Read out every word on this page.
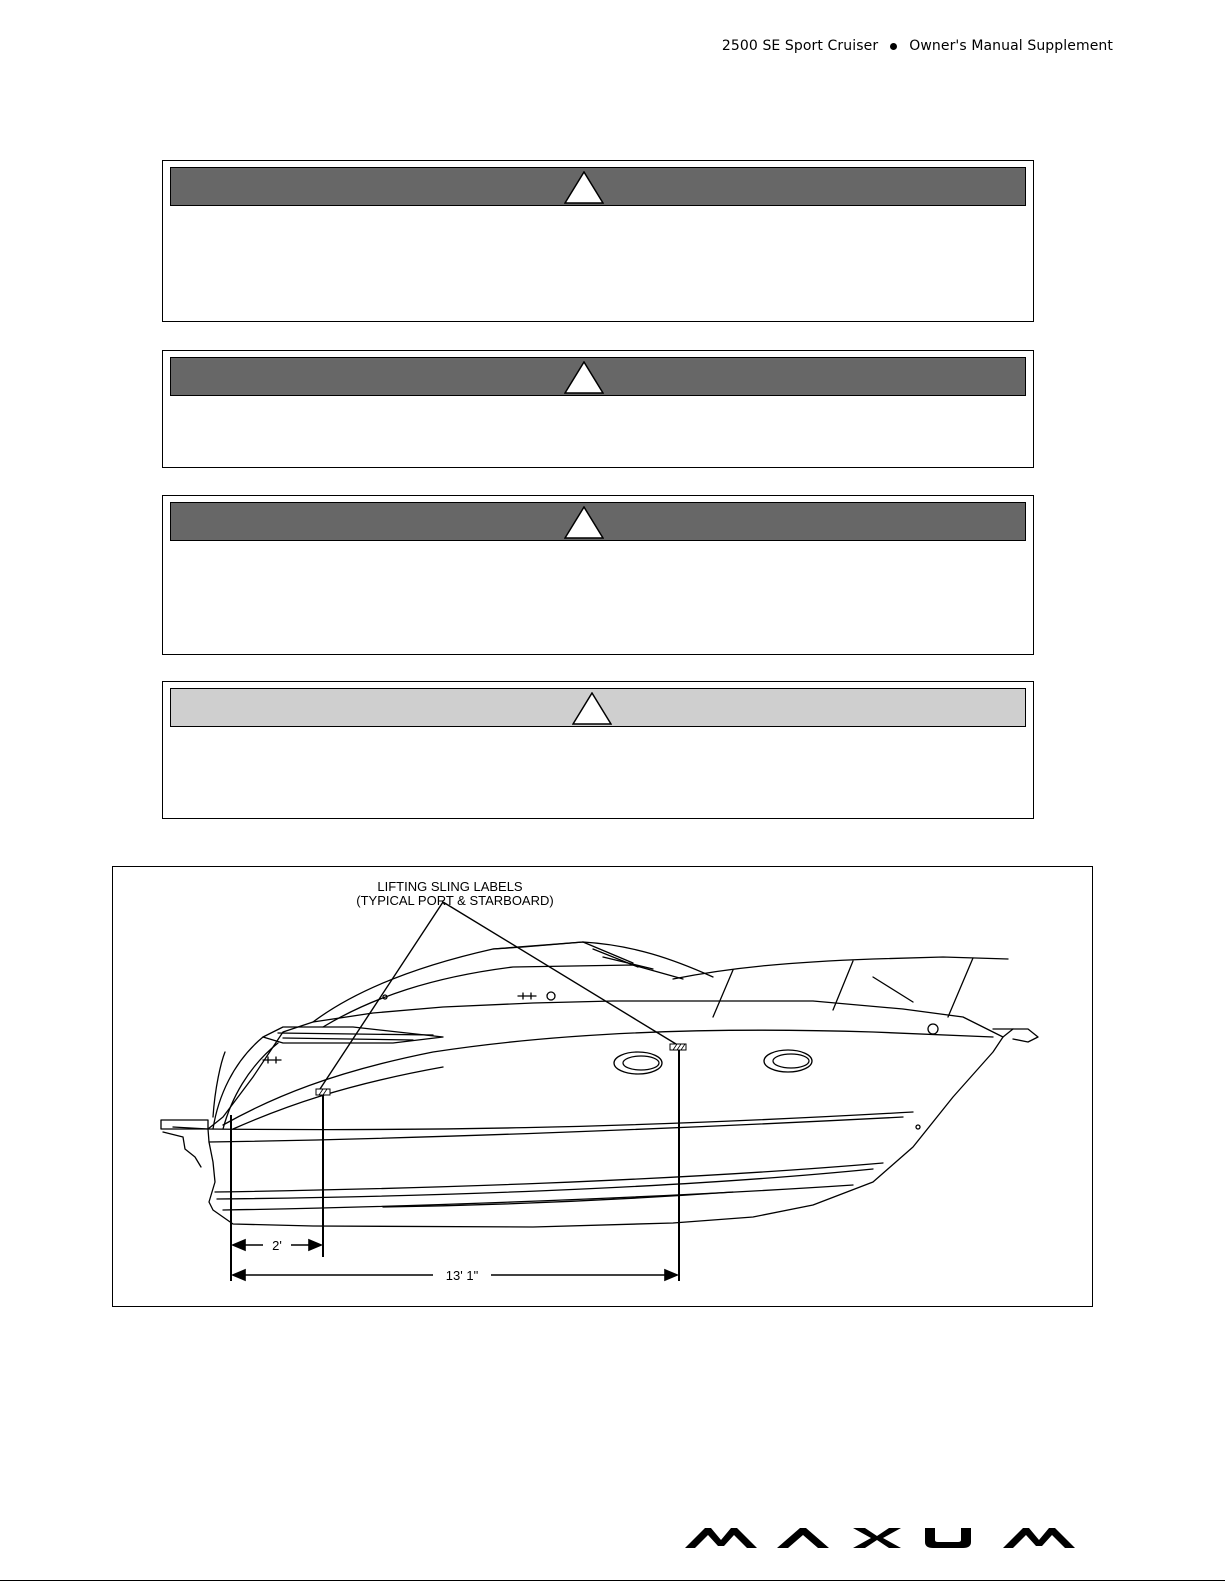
2500 SE Sport Cruiser Owner's Manual Supplement
LIFTING SLING LABELS
(TYPICAL PORT & STARBOARD)
2'
13' 1"
